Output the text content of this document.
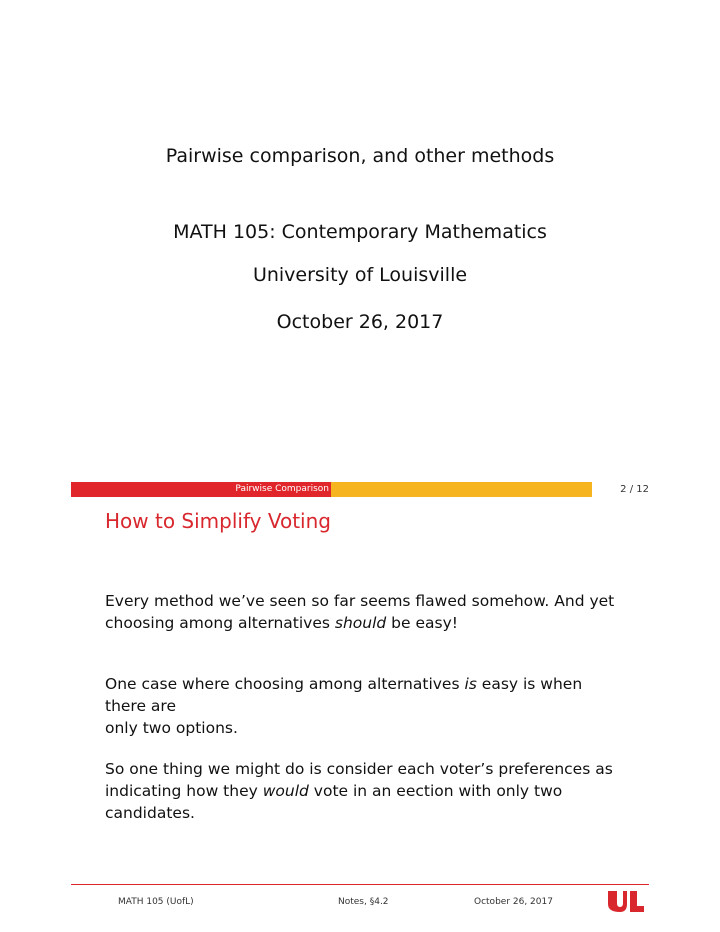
Pairwise comparison, and other methods
MATH 105: Contemporary Mathematics
University of Louisville
October 26, 2017
Pairwise Comparison	2 / 12
How to Simplify Voting
Every method we’ve seen so far seems flawed somehow. And yet
choosing among alternatives should be easy!
One case where choosing among alternatives is easy is when there are
only two options.
So one thing we might do is consider each voter’s preferences as
indicating how they would vote in an eection with only two
candidates.
MATH 105 (UofL)	Notes, §4.2	October 26, 2017	OF
